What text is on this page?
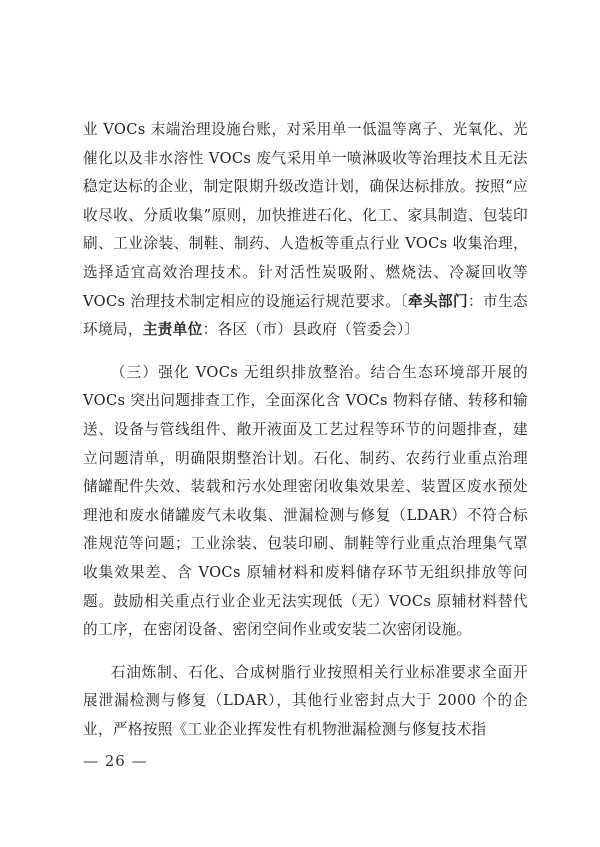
业 VOCs 末端治理设施台账，对采用单一低温等离子、光氧化、光催化以及非水溶性 VOCs 废气采用单一喷淋吸收等治理技术且无法稳定达标的企业，制定限期升级改造计划，确保达标排放。按照“应收尽收、分质收集”原则，加快推进石化、化工、家具制造、包装印刷、工业涂装、制鞋、制药、人造板等重点行业 VOCs 收集治理，选择适宜高效治理技术。针对活性炭吸附、燃烧法、冷凝回收等 VOCs 治理技术制定相应的设施运行规范要求。〔牵头部门：市生态环境局，主责单位：各区（市）县政府（管委会）〕

（三）强化 VOCs 无组织排放整治。结合生态环境部开展的 VOCs 突出问题排查工作，全面深化含 VOCs 物料存储、转移和输送、设备与管线组件、敞开液面及工艺过程等环节的问题排查，建立问题清单，明确限期整治计划。石化、制药、农药行业重点治理储罐配件失效、装载和污水处理密闭收集效果差、装置区废水预处理池和废水储罐废气未收集、泄漏检测与修复（LDAR）不符合标准规范等问题；工业涂装、包装印刷、制鞋等行业重点治理集气罩收集效果差、含 VOCs 原辅材料和废料储存环节无组织排放等问题。鼓励相关重点行业企业无法实现低（无）VOCs 原辅材料替代的工序，在密闭设备、密闭空间作业或安装二次密闭设施。

石油炼制、石化、合成树脂行业按照相关行业标准要求全面开展泄漏检测与修复（LDAR），其他行业密封点大于 2000 个的企业，严格按照《工业企业挥发性有机物泄漏检测与修复技术指

— 26 —
